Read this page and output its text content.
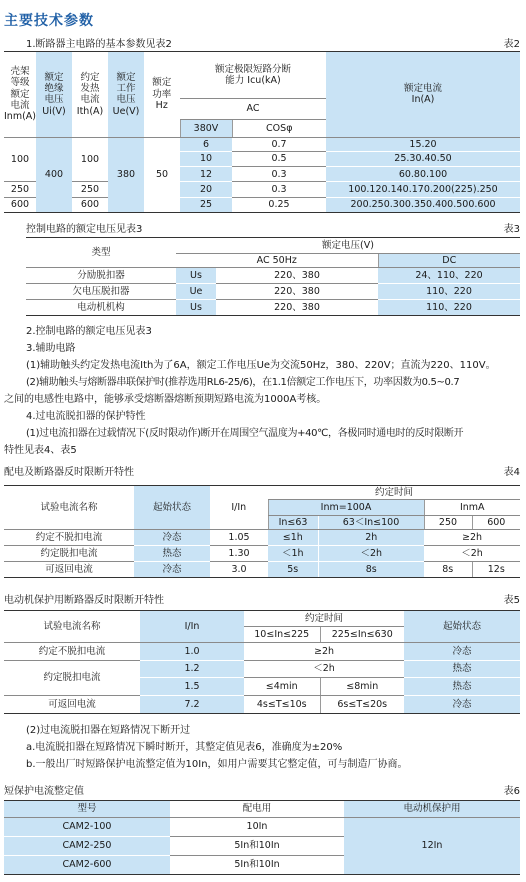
主要技术参数
1.断路器主电路的基本参数见表2	表2
壳架
等级
额定
电流
Inm(A)	额定
绝缘
电压
Ui(V)	约定
发热
电流
Ith(A)	额定
工作
电压
Ue(V)	额定
功率
Hz	额定极限短路分断
能力 Icu(kA)		额定电流
In(A)
					AC		
					380V	COSφ	
100	400	100	380	50	6	0.7	15.20
					10	0.5	25.30.40.50
					12	0.3	60.80.100
250		250			20	0.3	100.120.140.170.200(225).250
600		600			25	0.25	200.250.300.350.400.500.600
控制电路的额定电压见表3	表3
类型	额定电压(V)		
	AC 50Hz		DC
分励脱扣器	Us	220、380	24、110、220
欠电压脱扣器	Ue	220、380	110、220
电动机机构	Us	220、380	110、220
2.控制电路的额定电压见表3
3.辅助电路
(1)辅助触头约定发热电流Ith为了6A，额定工作电压Ue为交流50Hz，380、220V；直流为220、110V。
(2)辅助触头与熔断器串联保护时(推荐选用RL6-25/6)，在1.1倍额定工作电压下，功率因数为0.5~0.7
之间的电感性电路中，能够承受熔断器熔断预期短路电流为1000A考核。
4.过电流脱扣器的保护特性
(1)过电流扣器在过载情况下(反时限动作)断开在周围空气温度为+40℃，各极同时通电时的反时限断开
特性见表4、表5
配电及断路器反时限断开特性	表4
试验电流名称	起始状态	I/In	约定时间			
			Inm=100A		InmA	
			In≤63	63＜In≤100	250	600
约定不脱扣电流	冷态	1.05	≤1h	2h	≥2h	
约定脱扣电流	热态	1.30	＜1h	＜2h	＜2h	
可返回电流	冷态	3.0	5s	8s	8s	12s
电动机保护用断路器反时限断开特性	表5
试验电流名称	I/In	约定时间		起始状态
		10≤In≤225	225≤In≤630	
约定不脱扣电流	1.0	≥2h		冷态
约定脱扣电流	1.2	＜2h		热态
	1.5	≤4min	≤8min	热态
可返回电流	7.2	4s≤T≤10s	6s≤T≤20s	冷态
(2)过电流脱扣器在短路情况下断开过
a.电流脱扣器在短路情况下瞬时断开，其整定值见表6，准确度为±20%
b.一般出厂时短路保护电流整定值为10In，如用户需要其它整定值，可与制造厂协商。
短保护电流整定值	表6
型号	配电用	电动机保护用
CAM2-100	10In	12In
CAM2-250	5In和10In	
CAM2-600	5In和10In	
